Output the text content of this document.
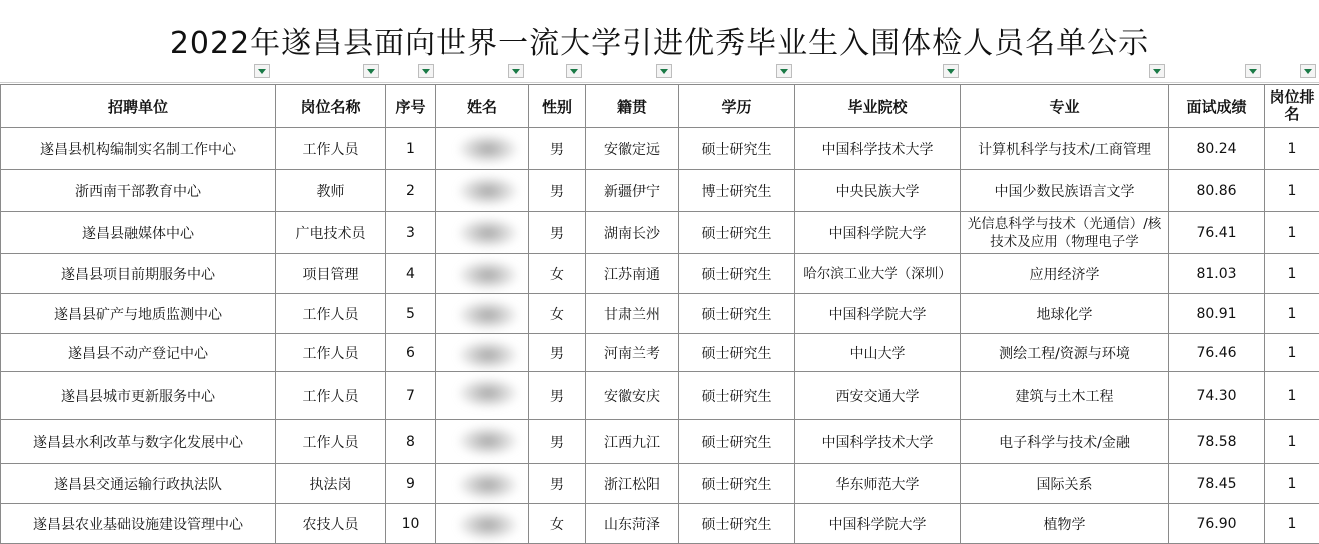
2022年遂昌县面向世界一流大学引进优秀毕业生入围体检人员名单公示
招聘单位	岗位名称	序号	姓名	性别	籍贯	学历	毕业院校	专业	面试成绩	岗位排名
遂昌县机构编制实名制工作中心	工作人员	1		男	安徽定远	硕士研究生	中国科学技术大学	计算机科学与技术/工商管理	80.24	1
浙西南干部教育中心	教师	2		男	新疆伊宁	博士研究生	中央民族大学	中国少数民族语言文学	80.86	1
遂昌县融媒体中心	广电技术员	3		男	湖南长沙	硕士研究生	中国科学院大学	光信息科学与技术（光通信）/核技术及应用（物理电子学	76.41	1
遂昌县项目前期服务中心	项目管理	4		女	江苏南通	硕士研究生	哈尔滨工业大学（深圳）	应用经济学	81.03	1
遂昌县矿产与地质监测中心	工作人员	5		女	甘肃兰州	硕士研究生	中国科学院大学	地球化学	80.91	1
遂昌县不动产登记中心	工作人员	6		男	河南兰考	硕士研究生	中山大学	测绘工程/资源与环境	76.46	1
遂昌县城市更新服务中心	工作人员	7		男	安徽安庆	硕士研究生	西安交通大学	建筑与土木工程	74.30	1
遂昌县水利改革与数字化发展中心	工作人员	8		男	江西九江	硕士研究生	中国科学技术大学	电子科学与技术/金融	78.58	1
遂昌县交通运输行政执法队	执法岗	9		男	浙江松阳	硕士研究生	华东师范大学	国际关系	78.45	1
遂昌县农业基础设施建设管理中心	农技人员	10		女	山东菏泽	硕士研究生	中国科学院大学	植物学	76.90	1
